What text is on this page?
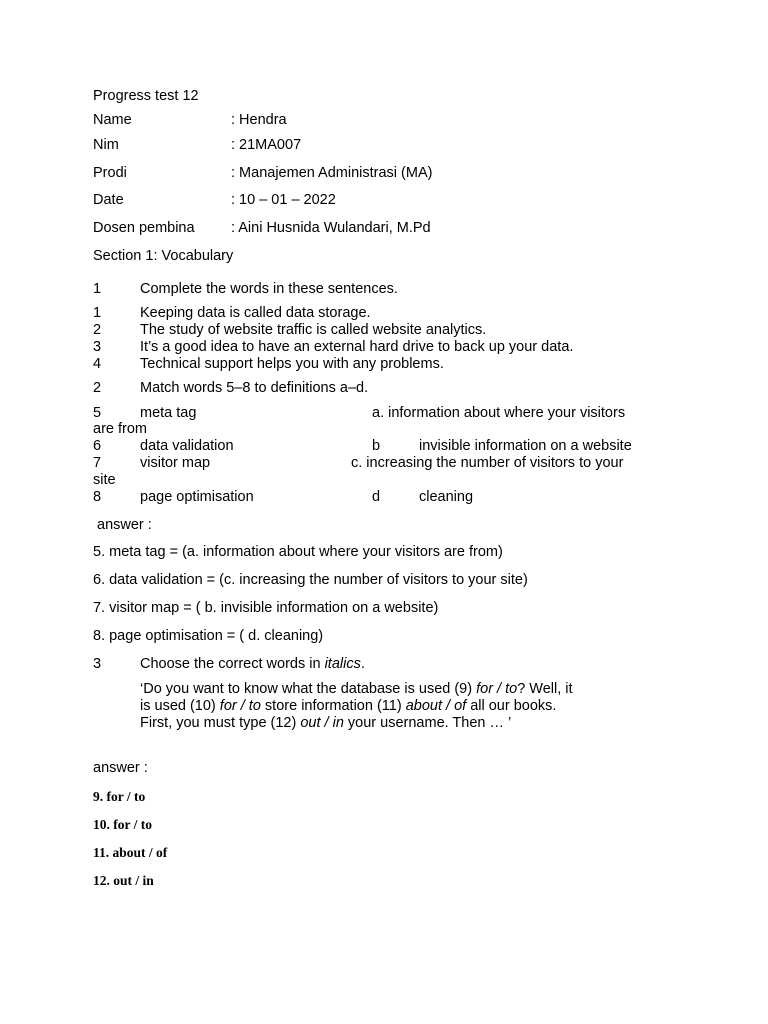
Progress test 12
Name	: Hendra
Nim	: 21MA007
Prodi	: Manajemen Administrasi (MA)
Date	: 10 – 01 – 2022
Dosen pembina	: Aini Husnida Wulandari, M.Pd
Section 1: Vocabulary
1	Complete the words in these sentences.
1	Keeping data is called data storage.
2	The study of website traffic is called website analytics.
3	It’s a good idea to have an external hard drive to back up your data.
4	Technical support helps you with any problems.
2	Match words 5–8 to definitions a–d.
5	meta tag	a. information about where your visitors
are from
6	data validation	b	invisible information on a website
7	visitor map	c. increasing the number of visitors to your
site
8	page optimisation	d	cleaning
answer :
5. meta tag = (a. information about where your visitors are from)
6. data validation = (c. increasing the number of visitors to your site)
7. visitor map = ( b. invisible information on a website)
8. page optimisation = ( d. cleaning)
3	Choose the correct words in italics.
‘Do you want to know what the database is used (9) for / to? Well, it
is used (10) for / to store information (11) about / of all our books.
First, you must type (12) out / in your username. Then … ’
answer :
9. for / to
10. for / to
11. about / of
12. out / in
